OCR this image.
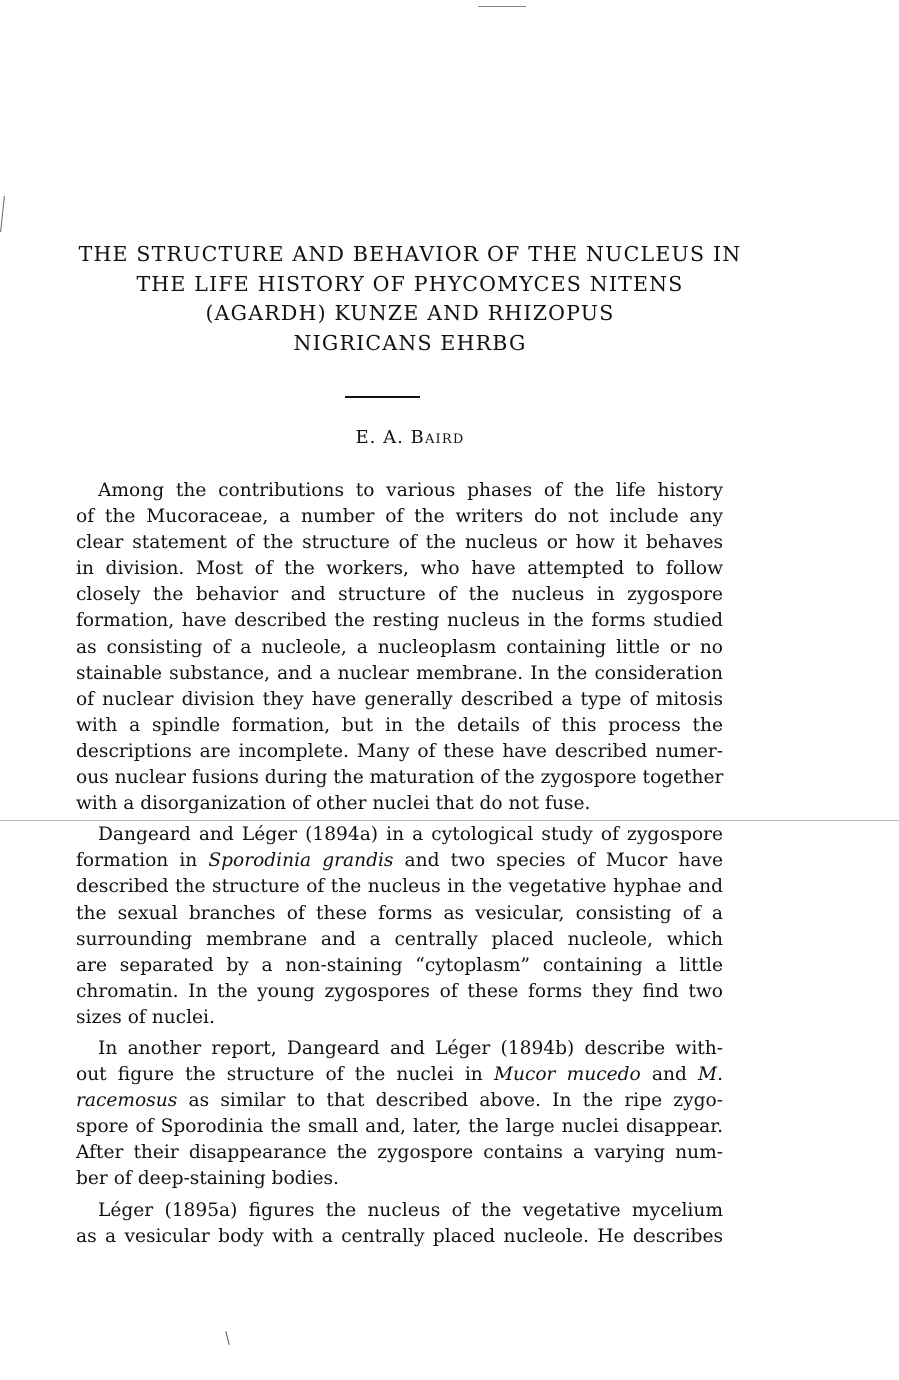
THE STRUCTURE AND BEHAVIOR OF THE NUCLEUS IN
THE LIFE HISTORY OF PHYCOMYCES NITENS
(AGARDH) KUNZE AND RHIZOPUS
NIGRICANS EHRBG
E. A. Baird
Among the contributions to various phases of the life history
of the Mucoraceae, a number of the writers do not include any
clear statement of the structure of the nucleus or how it behaves
in division. Most of the workers, who have attempted to follow
closely the behavior and structure of the nucleus in zygospore
formation, have described the resting nucleus in the forms studied
as consisting of a nucleole, a nucleoplasm containing little or no
stainable substance, and a nuclear membrane. In the consideration
of nuclear division they have generally described a type of mitosis
with a spindle formation, but in the details of this process the
descriptions are incomplete. Many of these have described numer-
ous nuclear fusions during the maturation of the zygospore together
with a disorganization of other nuclei that do not fuse.
Dangeard and Léger (1894a) in a cytological study of zygospore
formation in Sporodinia grandis and two species of Mucor have
described the structure of the nucleus in the vegetative hyphae and
the sexual branches of these forms as vesicular, consisting of a
surrounding membrane and a centrally placed nucleole, which
are separated by a non-staining “cytoplasm” containing a little
chromatin. In the young zygospores of these forms they find two
sizes of nuclei.
In another report, Dangeard and Léger (1894b) describe with-
out figure the structure of the nuclei in Mucor mucedo and M.
racemosus as similar to that described above. In the ripe zygo-
spore of Sporodinia the small and, later, the large nuclei disappear.
After their disappearance the zygospore contains a varying num-
ber of deep-staining bodies.
Léger (1895a) figures the nucleus of the vegetative mycelium
as a vesicular body with a centrally placed nucleole. He describes
